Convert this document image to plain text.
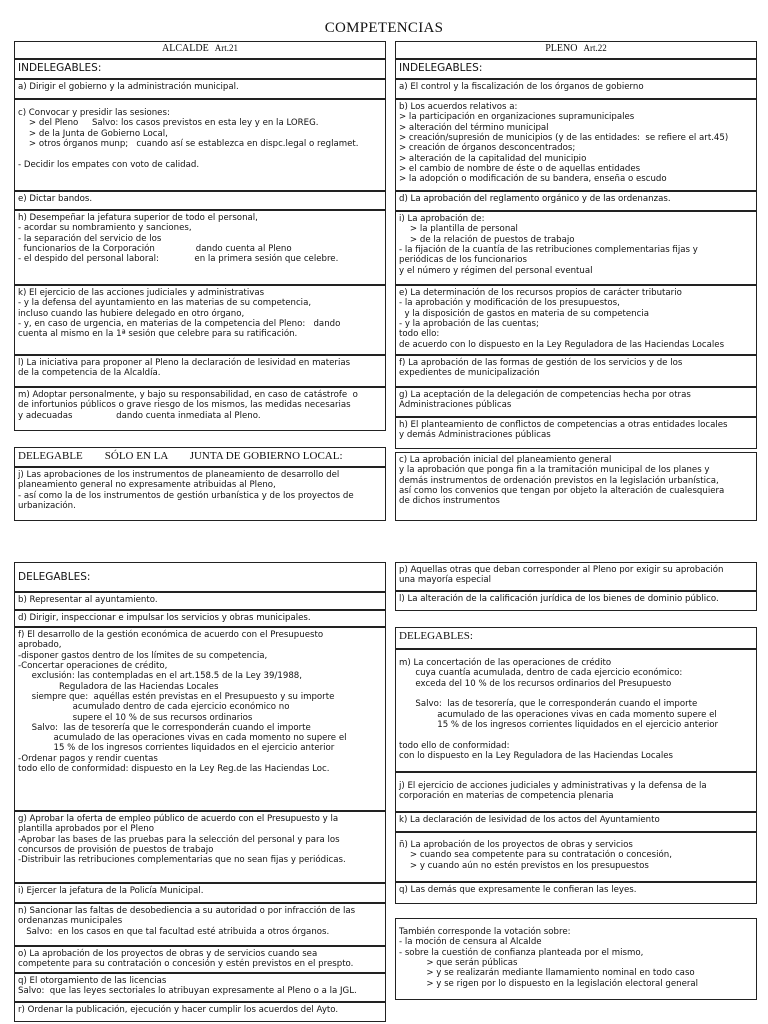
COMPETENCIAS
ALCALDE Art.21
INDELEGABLES:
a) Dirigir el gobierno y la administración municipal.
c) Convocar y presidir las sesiones:
> del Pleno     Salvo: los casos previstos en esta ley y en la LOREG.
> de la Junta de Gobierno Local,
> otros órganos munp;   cuando así se establezca en dispc.legal o reglamet.

- Decidir los empates con voto de calidad.
e) Dictar bandos.
h) Desempeñar la jefatura superior de todo el personal,
- acordar su nombramiento y sanciones,
- la separación del servicio de los
funcionarios de la Corporación               dando cuenta al Pleno
- el despido del personal laboral:             en la primera sesión que celebre.
k) El ejercicio de las acciones judiciales y administrativas
- y la defensa del ayuntamiento en las materias de su competencia,
incluso cuando las hubiere delegado en otro órgano,
- y, en caso de urgencia, en materias de la competencia del Pleno:   dando
cuenta al mismo en la 1ª sesión que celebre para su ratificación.
l) La iniciativa para proponer al Pleno la declaración de lesividad en materias
de la competencia de la Alcaldía.
m) Adoptar personalmente, y bajo su responsabilidad, en caso de catástrofe  o
de infortunios públicos o grave riesgo de los mismos, las medidas necesarias
y adecuadas                dando cuenta inmediata al Pleno.
DELEGABLE        SÓLO EN LA        JUNTA DE GOBIERNO LOCAL:
j) Las aprobaciones de los instrumentos de planeamiento de desarrollo del
planeamiento general no expresamente atribuidas al Pleno,
- así como la de los instrumentos de gestión urbanística y de los proyectos de
urbanización.
DELEGABLES:
b) Representar al ayuntamiento.
d) Dirigir, inspeccionar e impulsar los servicios y obras municipales.
f) El desarrollo de la gestión económica de acuerdo con el Presupuesto
aprobado,
-disponer gastos dentro de los límites de su competencia,
-Concertar operaciones de crédito,
exclusión: las contempladas en el art.158.5 de la Ley 39/1988,
Reguladora de las Haciendas Locales
siempre que:  aquéllas estén previstas en el Presupuesto y su importe
acumulado dentro de cada ejercicio económico no
supere el 10 % de sus recursos ordinarios
Salvo:  las de tesorería que le corresponderán cuando el importe
acumulado de las operaciones vivas en cada momento no supere el
15 % de los ingresos corrientes liquidados en el ejercicio anterior
-Ordenar pagos y rendir cuentas
todo ello de conformidad: dispuesto en la Ley Reg.de las Haciendas Loc.
g) Aprobar la oferta de empleo público de acuerdo con el Presupuesto y la
plantilla aprobados por el Pleno
-Aprobar las bases de las pruebas para la selección del personal y para los
concursos de provisión de puestos de trabajo
-Distribuir las retribuciones complementarias que no sean fijas y periódicas.
i) Ejercer la jefatura de la Policía Municipal.
n) Sancionar las faltas de desobediencia a su autoridad o por infracción de las
ordenanzas municipales
Salvo:  en los casos en que tal facultad esté atribuida a otros órganos.
o) La aprobación de los proyectos de obras y de servicios cuando sea
competente para su contratación o concesión y estén previstos en el prespto.
q) El otorgamiento de las licencias
Salvo:  que las leyes sectoriales lo atribuyan expresamente al Pleno o a la JGL.
r) Ordenar la publicación, ejecución y hacer cumplir los acuerdos del Ayto.
PLENO Art.22
INDELEGABLES:
a) El control y la fiscalización de los órganos de gobierno
b) Los acuerdos relativos a:
> la participación en organizaciones supramunicipales
> alteración del término municipal
> creación/supresión de municipios (y de las entidades:  se refiere el art.45)
> creación de órganos desconcentrados;
> alteración de la capitalidad del municipio
> el cambio de nombre de éste o de aquellas entidades
> la adopción o modificación de su bandera, enseña o escudo
d) La aprobación del reglamento orgánico y de las ordenanzas.
i) La aprobación de:
> la plantilla de personal
> de la relación de puestos de trabajo
- la fijación de la cuantía de las retribuciones complementarias fijas y
periódicas de los funcionarios
y el número y régimen del personal eventual
e) La determinación de los recursos propios de carácter tributario
- la aprobación y modificación de los presupuestos,
y la disposición de gastos en materia de su competencia
- y la aprobación de las cuentas;
todo ello:
de acuerdo con lo dispuesto en la Ley Reguladora de las Haciendas Locales
f) La aprobación de las formas de gestión de los servicios y de los
expedientes de municipalización
g) La aceptación de la delegación de competencias hecha por otras
Administraciones públicas
h) El planteamiento de conflictos de competencias a otras entidades locales
y demás Administraciones públicas
c) La aprobación inicial del planeamiento general
y la aprobación que ponga fin a la tramitación municipal de los planes y
demás instrumentos de ordenación previstos en la legislación urbanística,
así como los convenios que tengan por objeto la alteración de cualesquiera
de dichos instrumentos
p) Aquellas otras que deban corresponder al Pleno por exigir su aprobación
una mayoría especial
l) La alteración de la calificación jurídica de los bienes de dominio público.
DELEGABLES:
m) La concertación de las operaciones de crédito
cuya cuantía acumulada, dentro de cada ejercicio económico:
exceda del 10 % de los recursos ordinarios del Presupuesto

Salvo:  las de tesorería, que le corresponderán cuando el importe
acumulado de las operaciones vivas en cada momento supere el
15 % de los ingresos corrientes liquidados en el ejercicio anterior

todo ello de conformidad:
con lo dispuesto en la Ley Reguladora de las Haciendas Locales
j) El ejercicio de acciones judiciales y administrativas y la defensa de la
corporación en materias de competencia plenaria
k) La declaración de lesividad de los actos del Ayuntamiento
ñ) La aprobación de los proyectos de obras y servicios
> cuando sea competente para su contratación o concesión,
> y cuando aún no estén previstos en los presupuestos
q) Las demás que expresamente le confieran las leyes.
También corresponde la votación sobre:
- la moción de censura al Alcalde
- sobre la cuestión de confianza planteada por el mismo,
> que serán públicas
> y se realizarán mediante llamamiento nominal en todo caso
> y se rigen por lo dispuesto en la legislación electoral general
